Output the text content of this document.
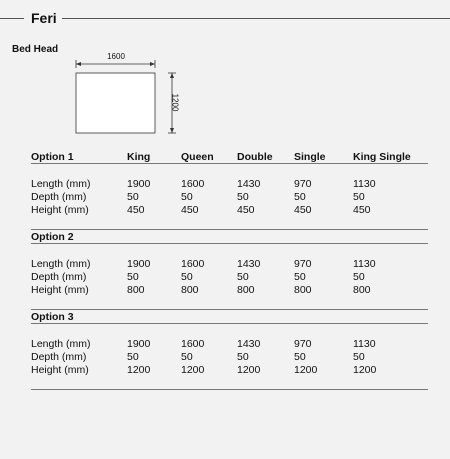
Feri
Bed Head
1600
1200
Option 1	King	Queen	Double	Single	King Single

Length (mm)	1900	1600	1430	970	1130
Depth (mm)	50	50	50	50	50
Height (mm)	450	450	450	450	450

Option 2					

Length (mm)	1900	1600	1430	970	1130
Depth (mm)	50	50	50	50	50
Height (mm)	800	800	800	800	800

Option 3					

Length (mm)	1900	1600	1430	970	1130
Depth (mm)	50	50	50	50	50
Height (mm)	1200	1200	1200	1200	1200
